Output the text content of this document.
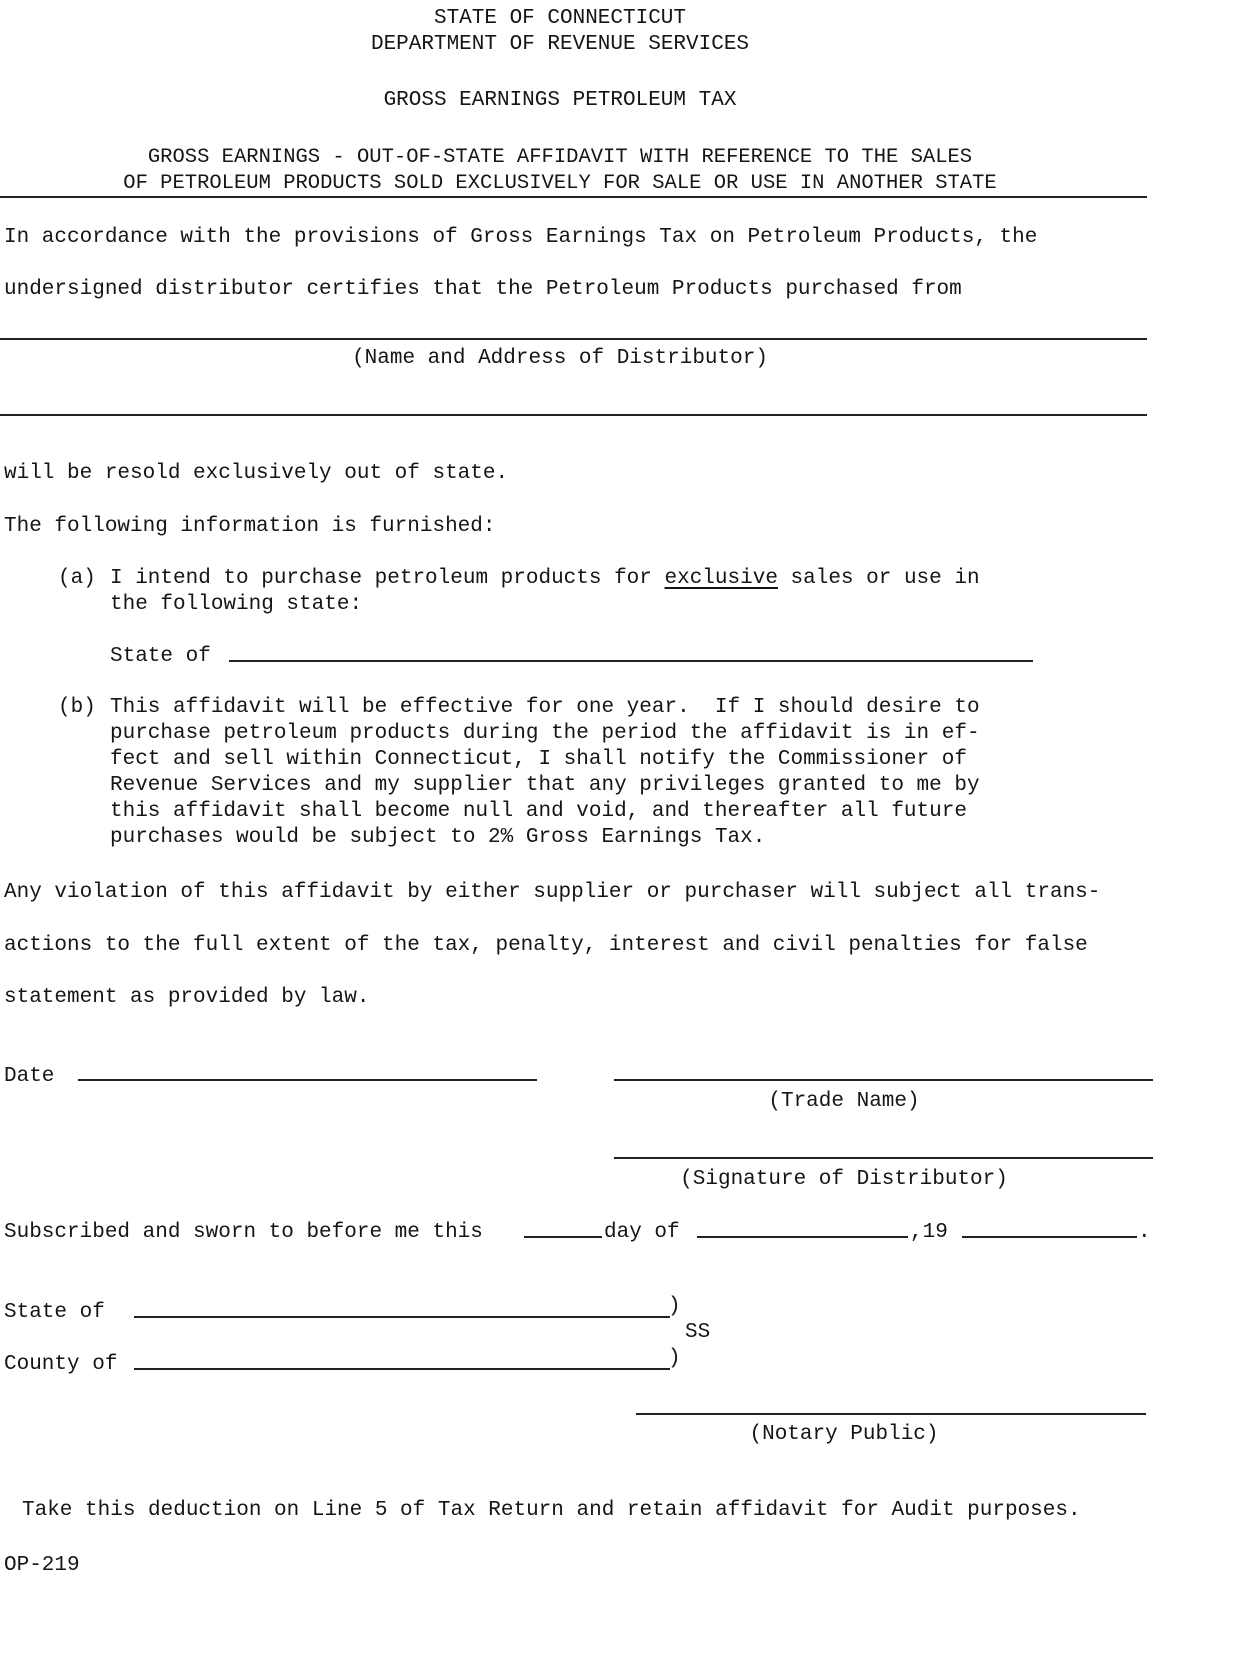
STATE OF CONNECTICUT
DEPARTMENT OF REVENUE SERVICES
GROSS EARNINGS PETROLEUM TAX
GROSS EARNINGS - OUT-OF-STATE AFFIDAVIT WITH REFERENCE TO THE SALES
OF PETROLEUM PRODUCTS SOLD EXCLUSIVELY FOR SALE OR USE IN ANOTHER STATE
In accordance with the provisions of Gross Earnings Tax on Petroleum Products, the
undersigned distributor certifies that the Petroleum Products purchased from
(Name and Address of Distributor)
will be resold exclusively out of state.
The following information is furnished:
(a) I intend to purchase petroleum products for exclusive sales or use in
the following state:
State of
(b) This affidavit will be effective for one year.  If I should desire to
purchase petroleum products during the period the affidavit is in ef-
fect and sell within Connecticut, I shall notify the Commissioner of
Revenue Services and my supplier that any privileges granted to me by
this affidavit shall become null and void, and thereafter all future
purchases would be subject to 2% Gross Earnings Tax.
Any violation of this affidavit by either supplier or purchaser will subject all trans-
actions to the full extent of the tax, penalty, interest and civil penalties for false
statement as provided by law.
Date
(Trade Name)
(Signature of Distributor)
Subscribed and sworn to before me this	day of	,19	.
State of	)
SS
County of	)
(Notary Public)
Take this deduction on Line 5 of Tax Return and retain affidavit for Audit purposes.
OP-219
